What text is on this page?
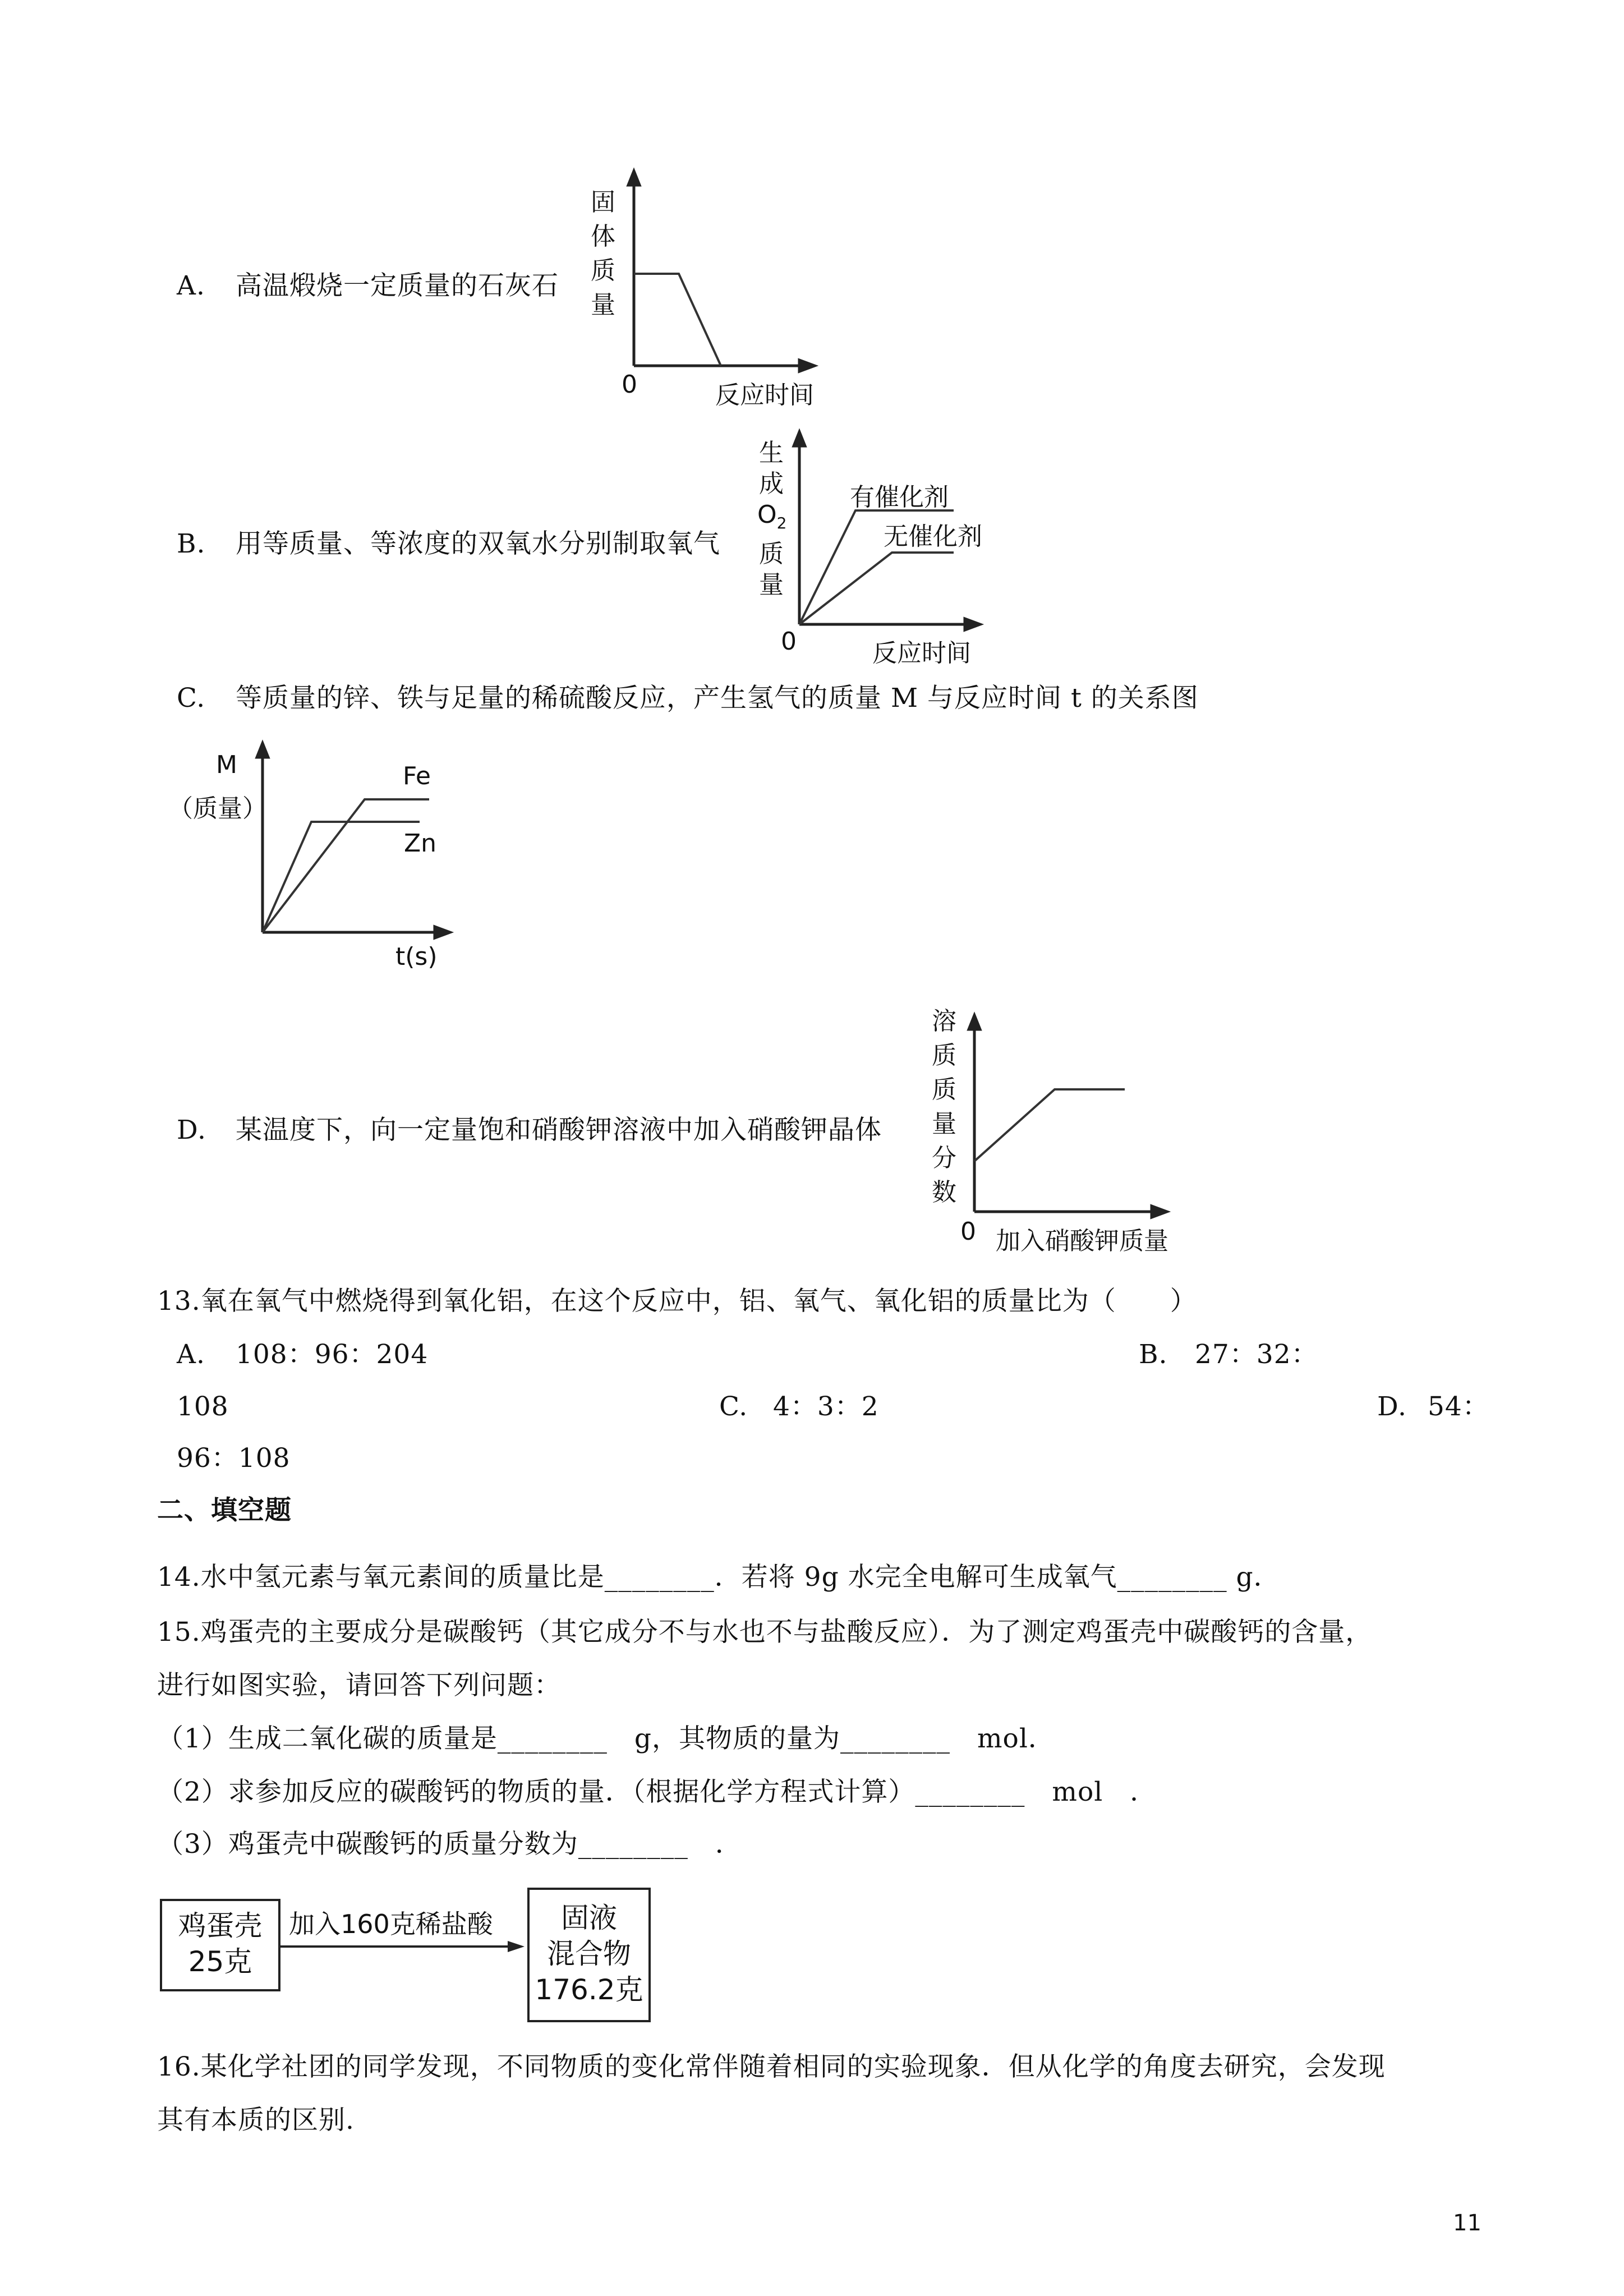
A. 高温煅烧一定质量的石灰石
固体质量
0	反应时间
B. 用等质量、等浓度的双氧水分别制取氧气
生
成
$O_2$
质
量
有催化剂
无催化剂
0	反应时间
C. 等质量的锌、铁与足量的稀硫酸反应，产生氢气的质量 M 与反应时间 t 的关系图
M
（质量）
Fe
Zn
t(s)
D. 某温度下，向一定量饱和硝酸钾溶液中加入硝酸钾晶体
溶质质量分数
0 加入硝酸钾质量
13.氧在氧气中燃烧得到氧化铝，在这个反应中，铝、氧气、氧化铝的质量比为（　　）
A. 108：96：204	B. 27：32：
108	C. 4：3：2	D. 54：
96：108
二、填空题
14.水中氢元素与氧元素间的质量比是________．若将 9g 水完全电解可生成氧气________ g．
15.鸡蛋壳的主要成分是碳酸钙（其它成分不与水也不与盐酸反应）．为了测定鸡蛋壳中碳酸钙的含量，
进行如图实验，请回答下列问题：
（1）生成二氧化碳的质量是________　g，其物质的量为________　mol．
（2）求参加反应的碳酸钙的物质的量．（根据化学方程式计算）________　mol　．
（3）鸡蛋壳中碳酸钙的质量分数为________　．
鸡蛋壳
25克
加入160克稀盐酸	固液
混合物
176.2克
16.某化学社团的同学发现，不同物质的变化常伴随着相同的实验现象．但从化学的角度去研究，会发现
其有本质的区别.
11
